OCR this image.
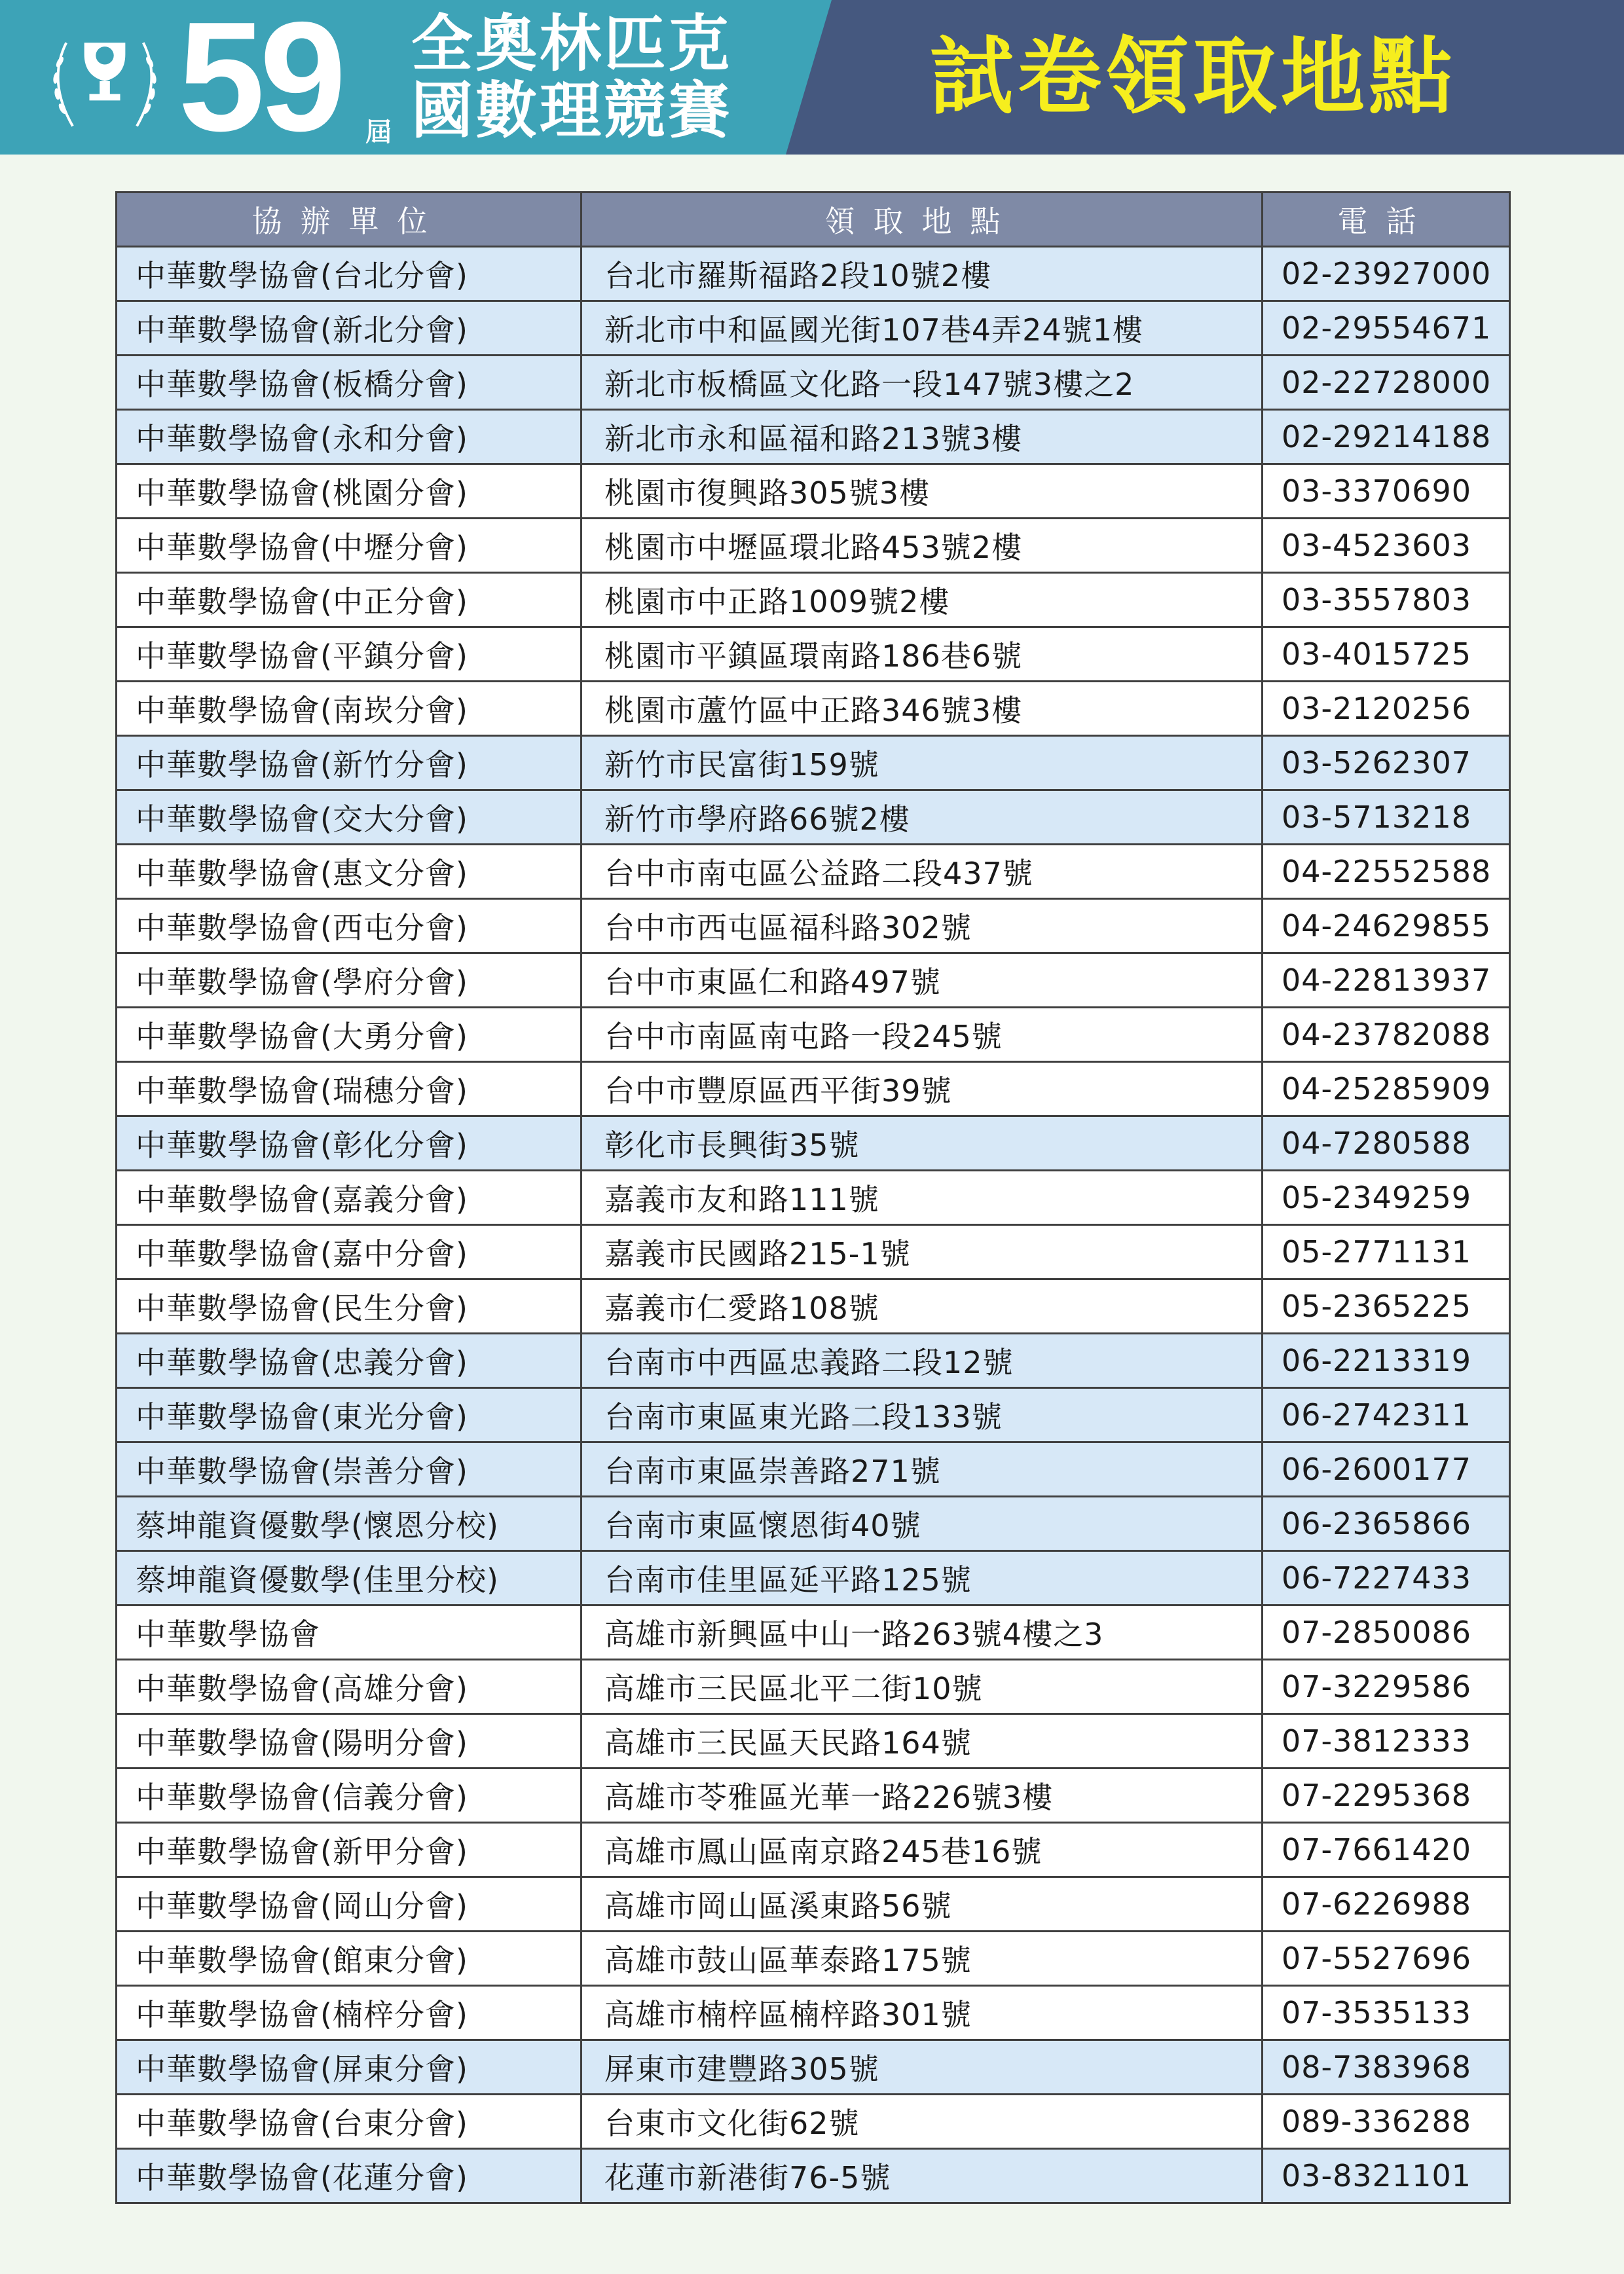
59 屆
全奧林匹克
國數理競賽 試卷領取地點
協辦單位	領取地點	電話
中華數學協會(台北分會)	台北市羅斯福路2段10號2樓	02-23927000
中華數學協會(新北分會)	新北市中和區國光街107巷4弄24號1樓	02-29554671
中華數學協會(板橋分會)	新北市板橋區文化路一段147號3樓之2	02-22728000
中華數學協會(永和分會)	新北市永和區福和路213號3樓	02-29214188
中華數學協會(桃園分會)	桃園市復興路305號3樓	03-3370690
中華數學協會(中壢分會)	桃園市中壢區環北路453號2樓	03-4523603
中華數學協會(中正分會)	桃園市中正路1009號2樓	03-3557803
中華數學協會(平鎮分會)	桃園市平鎮區環南路186巷6號	03-4015725
中華數學協會(南崁分會)	桃園市蘆竹區中正路346號3樓	03-2120256
中華數學協會(新竹分會)	新竹市民富街159號	03-5262307
中華數學協會(交大分會)	新竹市學府路66號2樓	03-5713218
中華數學協會(惠文分會)	台中市南屯區公益路二段437號	04-22552588
中華數學協會(西屯分會)	台中市西屯區福科路302號	04-24629855
中華數學協會(學府分會)	台中市東區仁和路497號	04-22813937
中華數學協會(大勇分會)	台中市南區南屯路一段245號	04-23782088
中華數學協會(瑞穗分會)	台中市豐原區西平街39號	04-25285909
中華數學協會(彰化分會)	彰化市長興街35號	04-7280588
中華數學協會(嘉義分會)	嘉義市友和路111號	05-2349259
中華數學協會(嘉中分會)	嘉義市民國路215-1號	05-2771131
中華數學協會(民生分會)	嘉義市仁愛路108號	05-2365225
中華數學協會(忠義分會)	台南市中西區忠義路二段12號	06-2213319
中華數學協會(東光分會)	台南市東區東光路二段133號	06-2742311
中華數學協會(崇善分會)	台南市東區崇善路271號	06-2600177
蔡坤龍資優數學(懷恩分校)	台南市東區懷恩街40號	06-2365866
蔡坤龍資優數學(佳里分校)	台南市佳里區延平路125號	06-7227433
中華數學協會	高雄市新興區中山一路263號4樓之3	07-2850086
中華數學協會(高雄分會)	高雄市三民區北平二街10號	07-3229586
中華數學協會(陽明分會)	高雄市三民區天民路164號	07-3812333
中華數學協會(信義分會)	高雄市苓雅區光華一路226號3樓	07-2295368
中華數學協會(新甲分會)	高雄市鳳山區南京路245巷16號	07-7661420
中華數學協會(岡山分會)	高雄市岡山區溪東路56號	07-6226988
中華數學協會(館東分會)	高雄市鼓山區華泰路175號	07-5527696
中華數學協會(楠梓分會)	高雄市楠梓區楠梓路301號	07-3535133
中華數學協會(屏東分會)	屏東市建豐路305號	08-7383968
中華數學協會(台東分會)	台東市文化街62號	089-336288
中華數學協會(花蓮分會)	花蓮市新港街76-5號	03-8321101
